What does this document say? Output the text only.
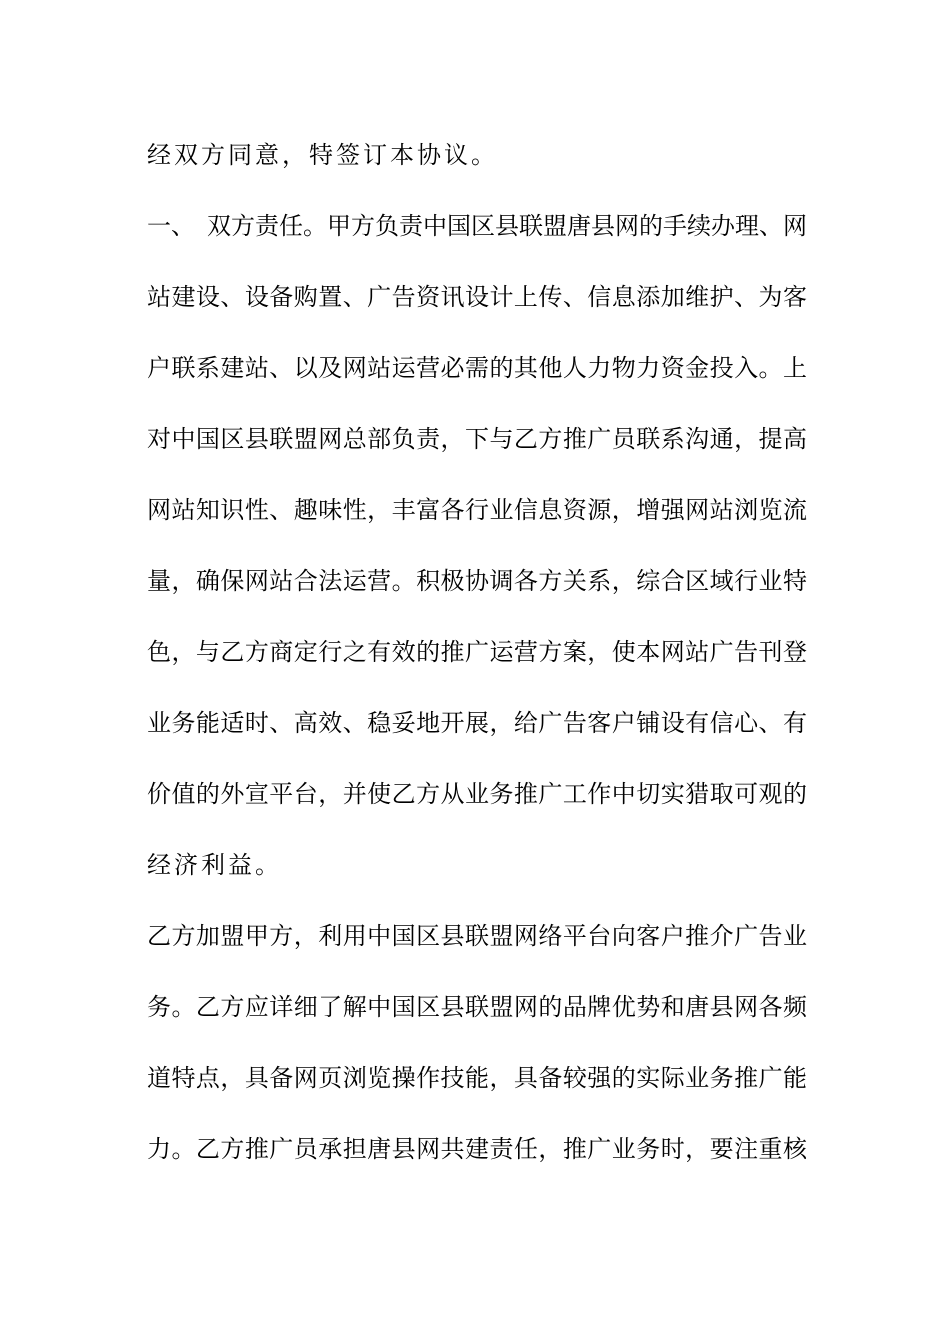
经双方同意，特签订本协议。
一、　双方责任。甲方负责中国区县联盟唐县网的手续办理、网
站建设、设备购置、广告资讯设计上传、信息添加维护、为客
户联系建站、以及网站运营必需的其他人力物力资金投入。上
对中国区县联盟网总部负责，下与乙方推广员联系沟通，提高
网站知识性、趣味性，丰富各行业信息资源，增强网站浏览流
量，确保网站合法运营。积极协调各方关系，综合区域行业特
色，与乙方商定行之有效的推广运营方案，使本网站广告刊登
业务能适时、高效、稳妥地开展，给广告客户铺设有信心、有
价值的外宣平台，并使乙方从业务推广工作中切实猎取可观的
经济利益。
乙方加盟甲方，利用中国区县联盟网络平台向客户推介广告业
务。乙方应详细了解中国区县联盟网的品牌优势和唐县网各频
道特点，具备网页浏览操作技能，具备较强的实际业务推广能
力。乙方推广员承担唐县网共建责任，推广业务时，要注重核
